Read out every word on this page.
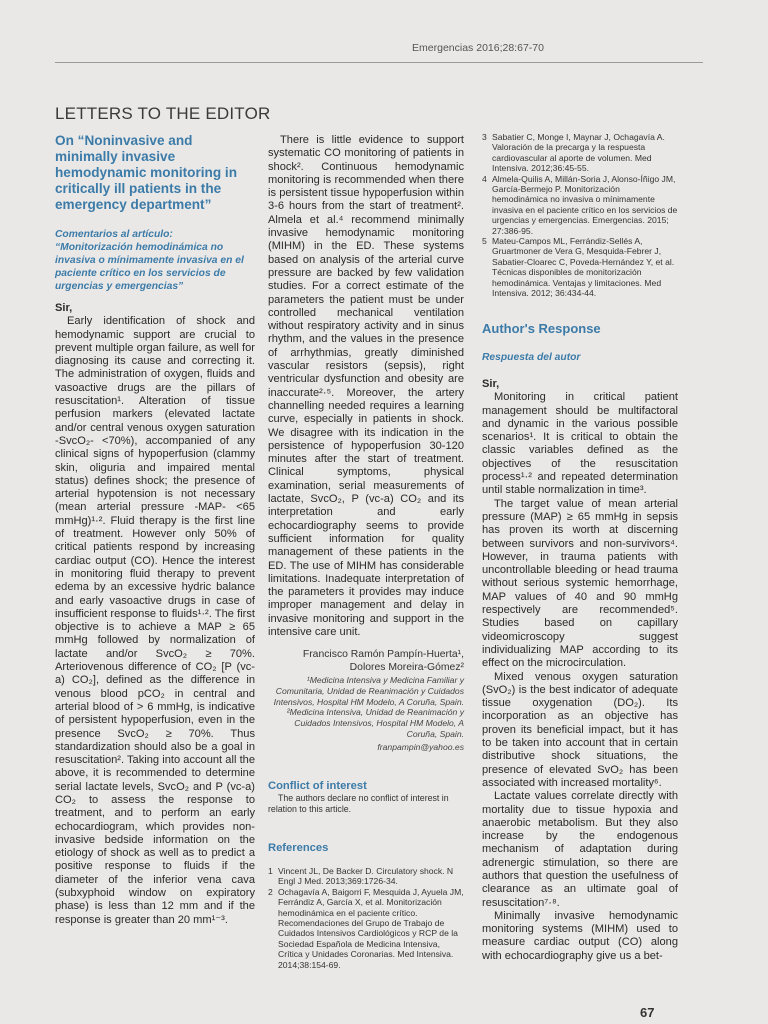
Emergencias 2016;28:67-70
LETTERS TO THE EDITOR
On “Noninvasive and minimally invasive hemodynamic monitoring in critically ill patients in the emergency department”
Comentarios al artículo:
“Monitorización hemodinámica no invasiva o mínimamente invasiva en el paciente crítico en los servicios de urgencias y emergencias”

Sir,

Early identification of shock and hemodynamic support are crucial to prevent multiple organ failure, as well for diagnosing its cause and correcting it. The administration of oxygen, fluids and vasoactive drugs are the pillars of resuscitation¹. Alteration of tissue perfusion markers (elevated lactate and/or central venous oxygen saturation -SvcO₂- <70%), accompanied of any clinical signs of hypoperfusion (clammy skin, oliguria and impaired mental status) defines shock; the presence of arterial hypotension is not necessary (mean arterial pressure -MAP- <65 mmHg)¹·². Fluid therapy is the first line of treatment. However only 50% of critical patients respond by increasing cardiac output (CO). Hence the interest in monitoring fluid therapy to prevent edema by an excessive hydric balance and early vasoactive drugs in case of insufficient response to fluids¹·². The first objective is to achieve a MAP ≥ 65 mmHg followed by normalization of lactate and/or SvcO₂ ≥ 70%. Arteriovenous difference of CO₂ [P (vc-a) CO₂], defined as the difference in venous blood pCO₂ in central and arterial blood of > 6 mmHg, is indicative of persistent hypoperfusion, even in the presence SvcO₂ ≥ 70%. Thus standardization should also be a goal in resuscitation². Taking into account all the above, it is recommended to determine serial lactate levels, SvcO₂ and P (vc-a) CO₂ to assess the response to treatment, and to perform an early echocardiogram, which provides non-invasive bedside information on the etiology of shock as well as to predict a positive response to fluids if the diameter of the inferior vena cava (subxyphoid window on expiratory phase) is less than 12 mm and if the response is greater than 20 mm¹⁻³.

There is little evidence to support systematic CO monitoring of patients in shock². Continuous hemodynamic monitoring is recommended when there is persistent tissue hypoperfusion within 3-6 hours from the start of treatment². Almela et al.⁴ recommend minimally invasive hemodynamic monitoring (MIHM) in the ED. These systems based on analysis of the arterial curve pressure are backed by few validation studies. For a correct estimate of the parameters the patient must be under controlled mechanical ventilation without respiratory activity and in sinus rhythm, and the values in the presence of arrhythmias, greatly diminished vascular resistors (sepsis), right ventricular dysfunction and obesity are inaccurate²·⁵. Moreover, the artery channelling needed requires a learning curve, especially in patients in shock. We disagree with its indication in the persistence of hypoperfusion 30-120 minutes after the start of treatment. Clinical symptoms, physical examination, serial measurements of lactate, SvcO₂, P (vc-a) CO₂ and its interpretation and early echocardiography seems to provide sufficient information for quality management of these patients in the ED. The use of MIHM has considerable limitations. Inadequate interpretation of the parameters it provides may induce improper management and delay in invasive monitoring and support in the intensive care unit.

Francisco Ramón Pampín-Huerta¹,
Dolores Moreira-Gómez²
¹Medicina Intensiva y Medicina Familiar y Comunitaria, Unidad de Reanimación y Cuidados Intensivos, Hospital HM Modelo, A Coruña, Spain.
²Medicina Intensiva, Unidad de Reanimación y Cuidados Intensivos, Hospital HM Modelo, A Coruña, Spain.
franpampin@yahoo.es
Conflict of interest
The authors declare no conflict of interest in relation to this article.
References
1 Vincent JL, De Backer D. Circulatory shock. N Engl J Med. 2013;369:1726-34.
2 Ochagavía A, Baigorri F, Mesquida J, Ayuela JM, Ferrándiz A, García X, et al. Monitorización hemodinámica en el paciente crítico. Recomendaciones del Grupo de Trabajo de Cuidados Intensivos Cardiológicos y RCP de la Sociedad Española de Medicina Intensiva, Crítica y Unidades Coronarias. Med Intensiva. 2014;38:154-69.
3 Sabatier C, Monge I, Maynar J, Ochagavía A. Valoración de la precarga y la respuesta cardiovascular al aporte de volumen. Med Intensiva. 2012;36:45-55.
4 Almela-Quilis A, Millán-Soria J, Alonso-Íñigo JM, García-Bermejo P. Monitorización hemodinámica no invasiva o mínimamente invasiva en el paciente crítico en los servicios de urgencias y emergencias. Emergencias. 2015; 27:386-95.
5 Mateu-Campos ML, Ferrándiz-Sellés A, Gruartmoner de Vera G, Mesquida-Febrer J, Sabatier-Cloarec C, Poveda-Hernández Y, et al. Técnicas disponibles de monitorización hemodinámica. Ventajas y limitaciones. Med Intensiva. 2012; 36:434-44.
Author's Response
Respuesta del autor

Sir,

Monitoring in critical patient management should be multifactoral and dynamic in the various possible scenarios¹. It is critical to obtain the classic variables defined as the objectives of the resuscitation process¹·² and repeated determination until stable normalization in time³.

The target value of mean arterial pressure (MAP) ≥ 65 mmHg in sepsis has proven its worth at discerning between survivors and non-survivors⁴. However, in trauma patients with uncontrollable bleeding or head trauma without serious systemic hemorrhage, MAP values of 40 and 90 mmHg respectively are recommended⁵. Studies based on capillary videomicroscopy suggest individualizing MAP according to its effect on the microcirculation.

Mixed venous oxygen saturation (SvO₂) is the best indicator of adequate tissue oxygenation (DO₂). Its incorporation as an objective has proven its beneficial impact, but it has to be taken into account that in certain distributive shock situations, the presence of elevated SvO₂ has been associated with increased mortality⁶.

Lactate values correlate directly with mortality due to tissue hypoxia and anaerobic metabolism. But they also increase by the endogenous mechanism of adaptation during adrenergic stimulation, so there are authors that question the usefulness of clearance as an ultimate goal of resuscitation⁷·⁸.

Minimally invasive hemodynamic monitoring systems (MIHM) used to measure cardiac output (CO) along with echocardiography give us a bet-

67
